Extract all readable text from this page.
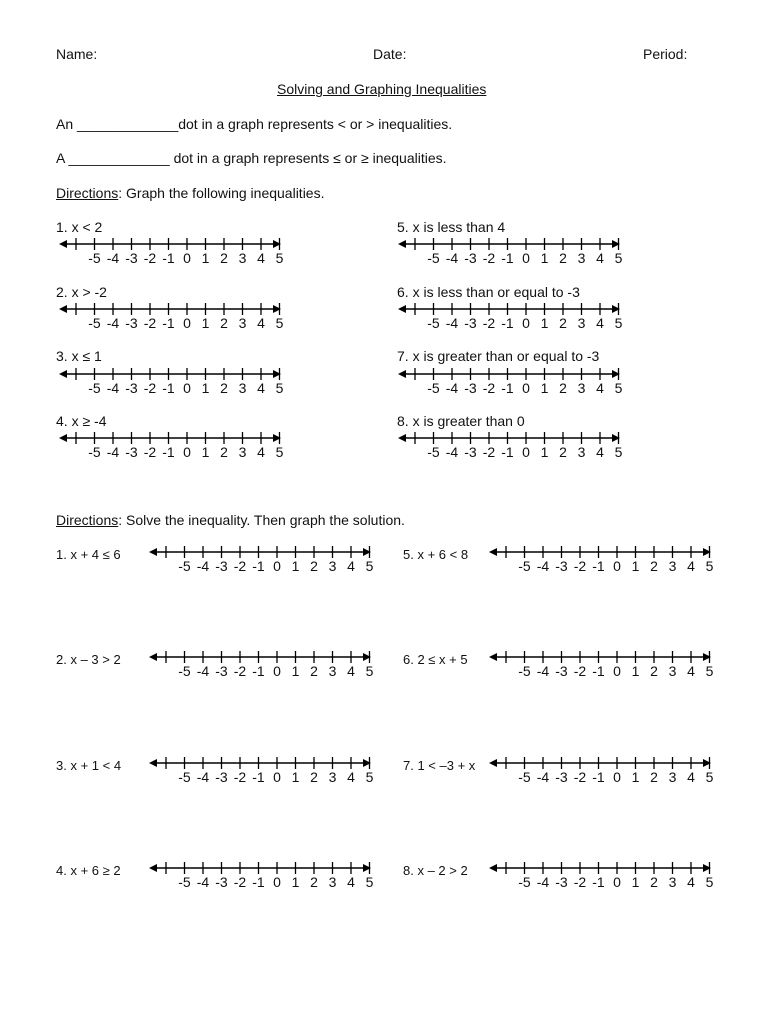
Name:	Date:	Period:
Solving and Graphing Inequalities
An _____________dot in a graph represents < or > inequalities.
A _____________ dot in a graph represents ≤ or ≥ inequalities.
Directions: Graph the following inequalities.
1. x < 2
2. x > -2
3. x ≤ 1
4. x ≥ -4
5. x is less than 4
6. x is less than or equal to -3
7. x is greater than or equal to -3
8. x is greater than 0
-5 -4 -3 -2 -1 0 1 2 3 4 5
-5 -4 -3 -2 -1 0 1 2 3 4 5
-5 -4 -3 -2 -1 0 1 2 3 4 5
-5 -4 -3 -2 -1 0 1 2 3 4 5
-5 -4 -3 -2 -1 0 1 2 3 4 5
-5 -4 -3 -2 -1 0 1 2 3 4 5
-5 -4 -3 -2 -1 0 1 2 3 4 5
-5 -4 -3 -2 -1 0 1 2 3 4 5
Directions: Solve the inequality. Then graph the solution.
1. x + 4 ≤ 6
2. x – 3 > 2
3. x + 1 < 4
4. x + 6 ≥ 2
5. x + 6 < 8
6. 2 ≤ x + 5
7. 1 < –3 + x
8. x – 2 > 2
-5 -4 -3 -2 -1 0 1 2 3 4 5
-5 -4 -3 -2 -1 0 1 2 3 4 5
-5 -4 -3 -2 -1 0 1 2 3 4 5
-5 -4 -3 -2 -1 0 1 2 3 4 5
-5 -4 -3 -2 -1 0 1 2 3 4 5
-5 -4 -3 -2 -1 0 1 2 3 4 5
-5 -4 -3 -2 -1 0 1 2 3 4 5
-5 -4 -3 -2 -1 0 1 2 3 4 5
